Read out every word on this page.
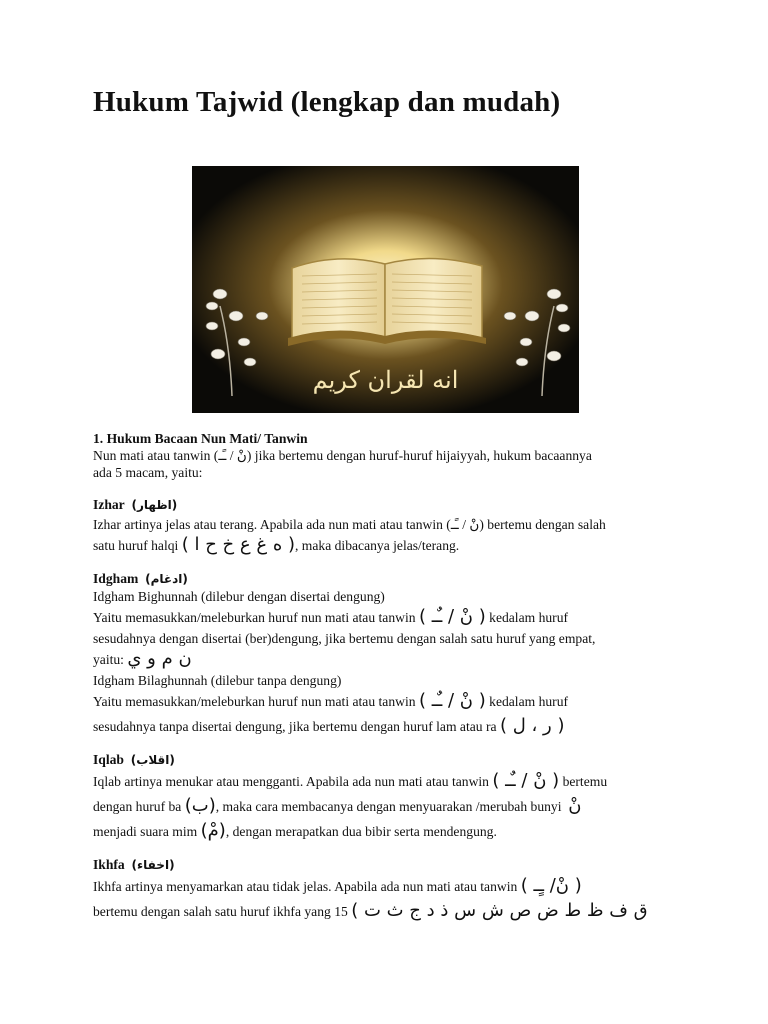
Hukum Tajwid (lengkap dan mudah)
انه لقران كريم
1. Hukum Bacaan Nun Mati/ Tanwin
Nun mati atau tanwin (نْ / ـًـ) jika bertemu dengan huruf-huruf hijaiyyah, hukum bacaannya
ada 5 macam, yaitu:
Izhar (اظهار)
Izhar artinya jelas atau terang. Apabila ada nun mati atau tanwin (نْ / ـًـ) bertemu dengan salah
satu huruf halqi ( ه غ ع خ ح ا ), maka dibacanya jelas/terang.
Idgham (ادغام)
Idgham Bighunnah (dilebur dengan disertai dengung)
Yaitu memasukkan/meleburkan huruf nun mati atau tanwin ( نْ / ـٌـ ) kedalam huruf
sesudahnya dengan disertai (ber)dengung, jika bertemu dengan salah satu huruf yang empat,
yaitu: ن م و ي
Idgham Bilaghunnah (dilebur tanpa dengung)
Yaitu memasukkan/meleburkan huruf nun mati atau tanwin ( نْ / ـٌـ ) kedalam huruf
sesudahnya tanpa disertai dengung, jika bertemu dengan huruf lam atau ra ( ر ، ل )
Iqlab (اقلاب)
Iqlab artinya menukar atau mengganti. Apabila ada nun mati atau tanwin ( نْ / ـٌـ ) bertemu
dengan huruf ba (ب), maka cara membacanya dengan menyuarakan /merubah bunyi نْ
menjadi suara mim (مْ), dengan merapatkan dua bibir serta mendengung.
Ikhfa (اخفاء)
Ikhfa artinya menyamarkan atau tidak jelas. Apabila ada nun mati atau tanwin ( نْ/ ـٍـ )
bertemu dengan salah satu huruf ikhfa yang 15 ( ق ف ظ ط ض ص ش س ذ د ج ث ت
